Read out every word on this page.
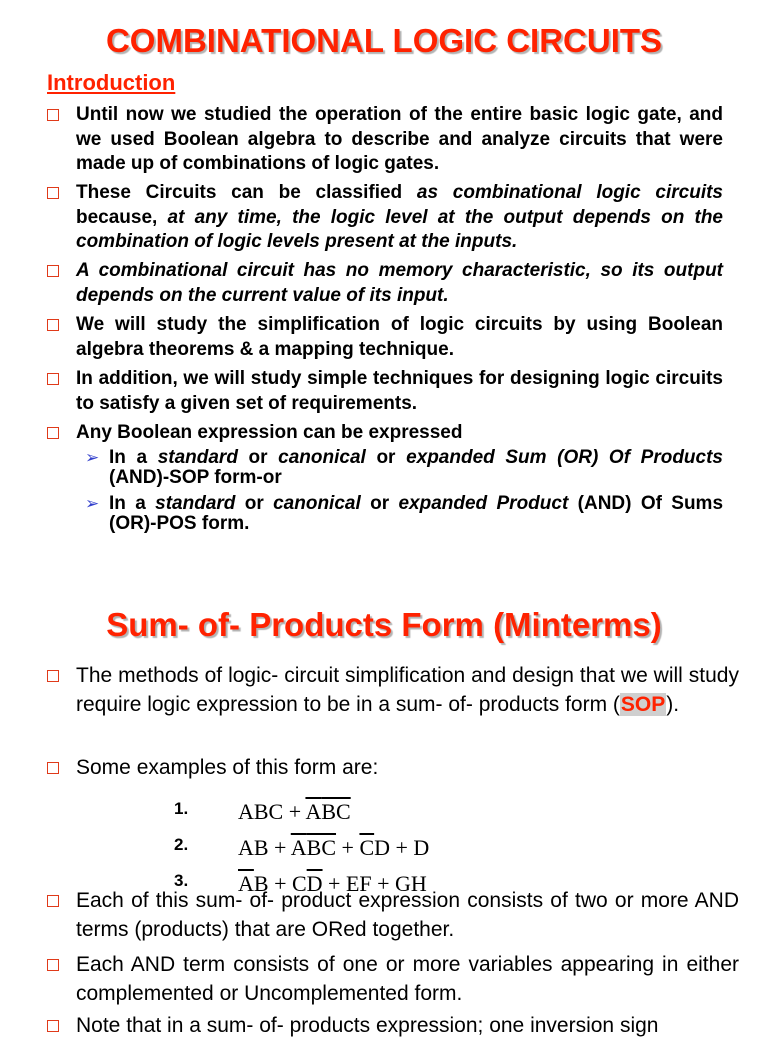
COMBINATIONAL LOGIC CIRCUITS
Introduction
Until now we studied the operation of the entire basic logic gate, and we used Boolean algebra to describe and analyze circuits that were made up of combinations of logic gates.
These Circuits can be classified as combinational logic circuits because, at any time, the logic level at the output depends on the combination of logic levels present at the inputs.
A combinational circuit has no memory characteristic, so its output depends on the current value of its input.
We will study the simplification of logic circuits by using Boolean algebra theorems & a mapping technique.
In addition, we will study simple techniques for designing logic circuits to satisfy a given set of requirements.
Any Boolean expression can be expressed
➢ In a standard or canonical or expanded Sum (OR) Of Products (AND)-SOP form-or
➢ In a standard or canonical or expanded Product (AND) Of Sums (OR)-POS form.
Sum- of- Products Form (Minterms)
The methods of logic- circuit simplification and design that we will study require logic expression to be in a sum- of- products form (SOP).
Some examples of this form are:
1. ABC + $\overline{A}\overline{BC}$
2. AB + $\overline{A}\overline{BC} + \overline{C}D + D$
3. $\overline{A}B + C\overline{D}$ + EF + GH
Each of this sum- of- product expression consists of two or more AND terms (products) that are ORed together.
Each AND term consists of one or more variables appearing in either complemented or Uncomplemented form.
Note that in a sum- of- products expression; one inversion sign
